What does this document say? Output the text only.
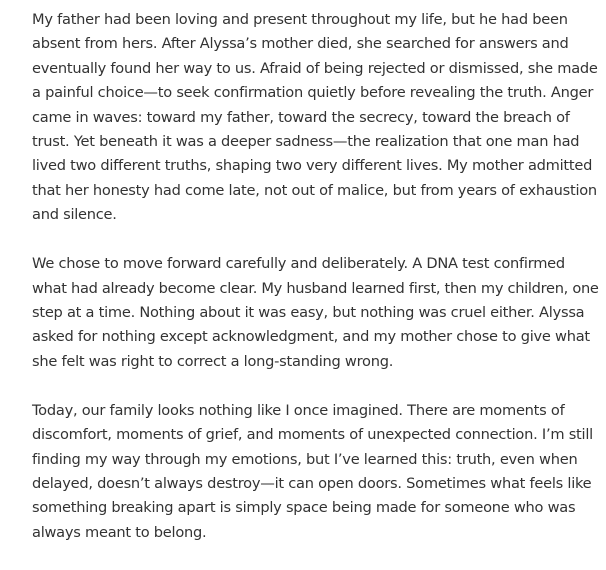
My father had been loving and present throughout my life, but he had been
absent from hers. After Alyssa’s mother died, she searched for answers and
eventually found her way to us. Afraid of being rejected or dismissed, she made
a painful choice—to seek confirmation quietly before revealing the truth. Anger
came in waves: toward my father, toward the secrecy, toward the breach of
trust. Yet beneath it was a deeper sadness—the realization that one man had
lived two different truths, shaping two very different lives. My mother admitted
that her honesty had come late, not out of malice, but from years of exhaustion
and silence.

We chose to move forward carefully and deliberately. A DNA test confirmed
what had already become clear. My husband learned first, then my children, one
step at a time. Nothing about it was easy, but nothing was cruel either. Alyssa
asked for nothing except acknowledgment, and my mother chose to give what
she felt was right to correct a long-standing wrong.

Today, our family looks nothing like I once imagined. There are moments of
discomfort, moments of grief, and moments of unexpected connection. I’m still
finding my way through my emotions, but I’ve learned this: truth, even when
delayed, doesn’t always destroy—it can open doors. Sometimes what feels like
something breaking apart is simply space being made for someone who was
always meant to belong.
